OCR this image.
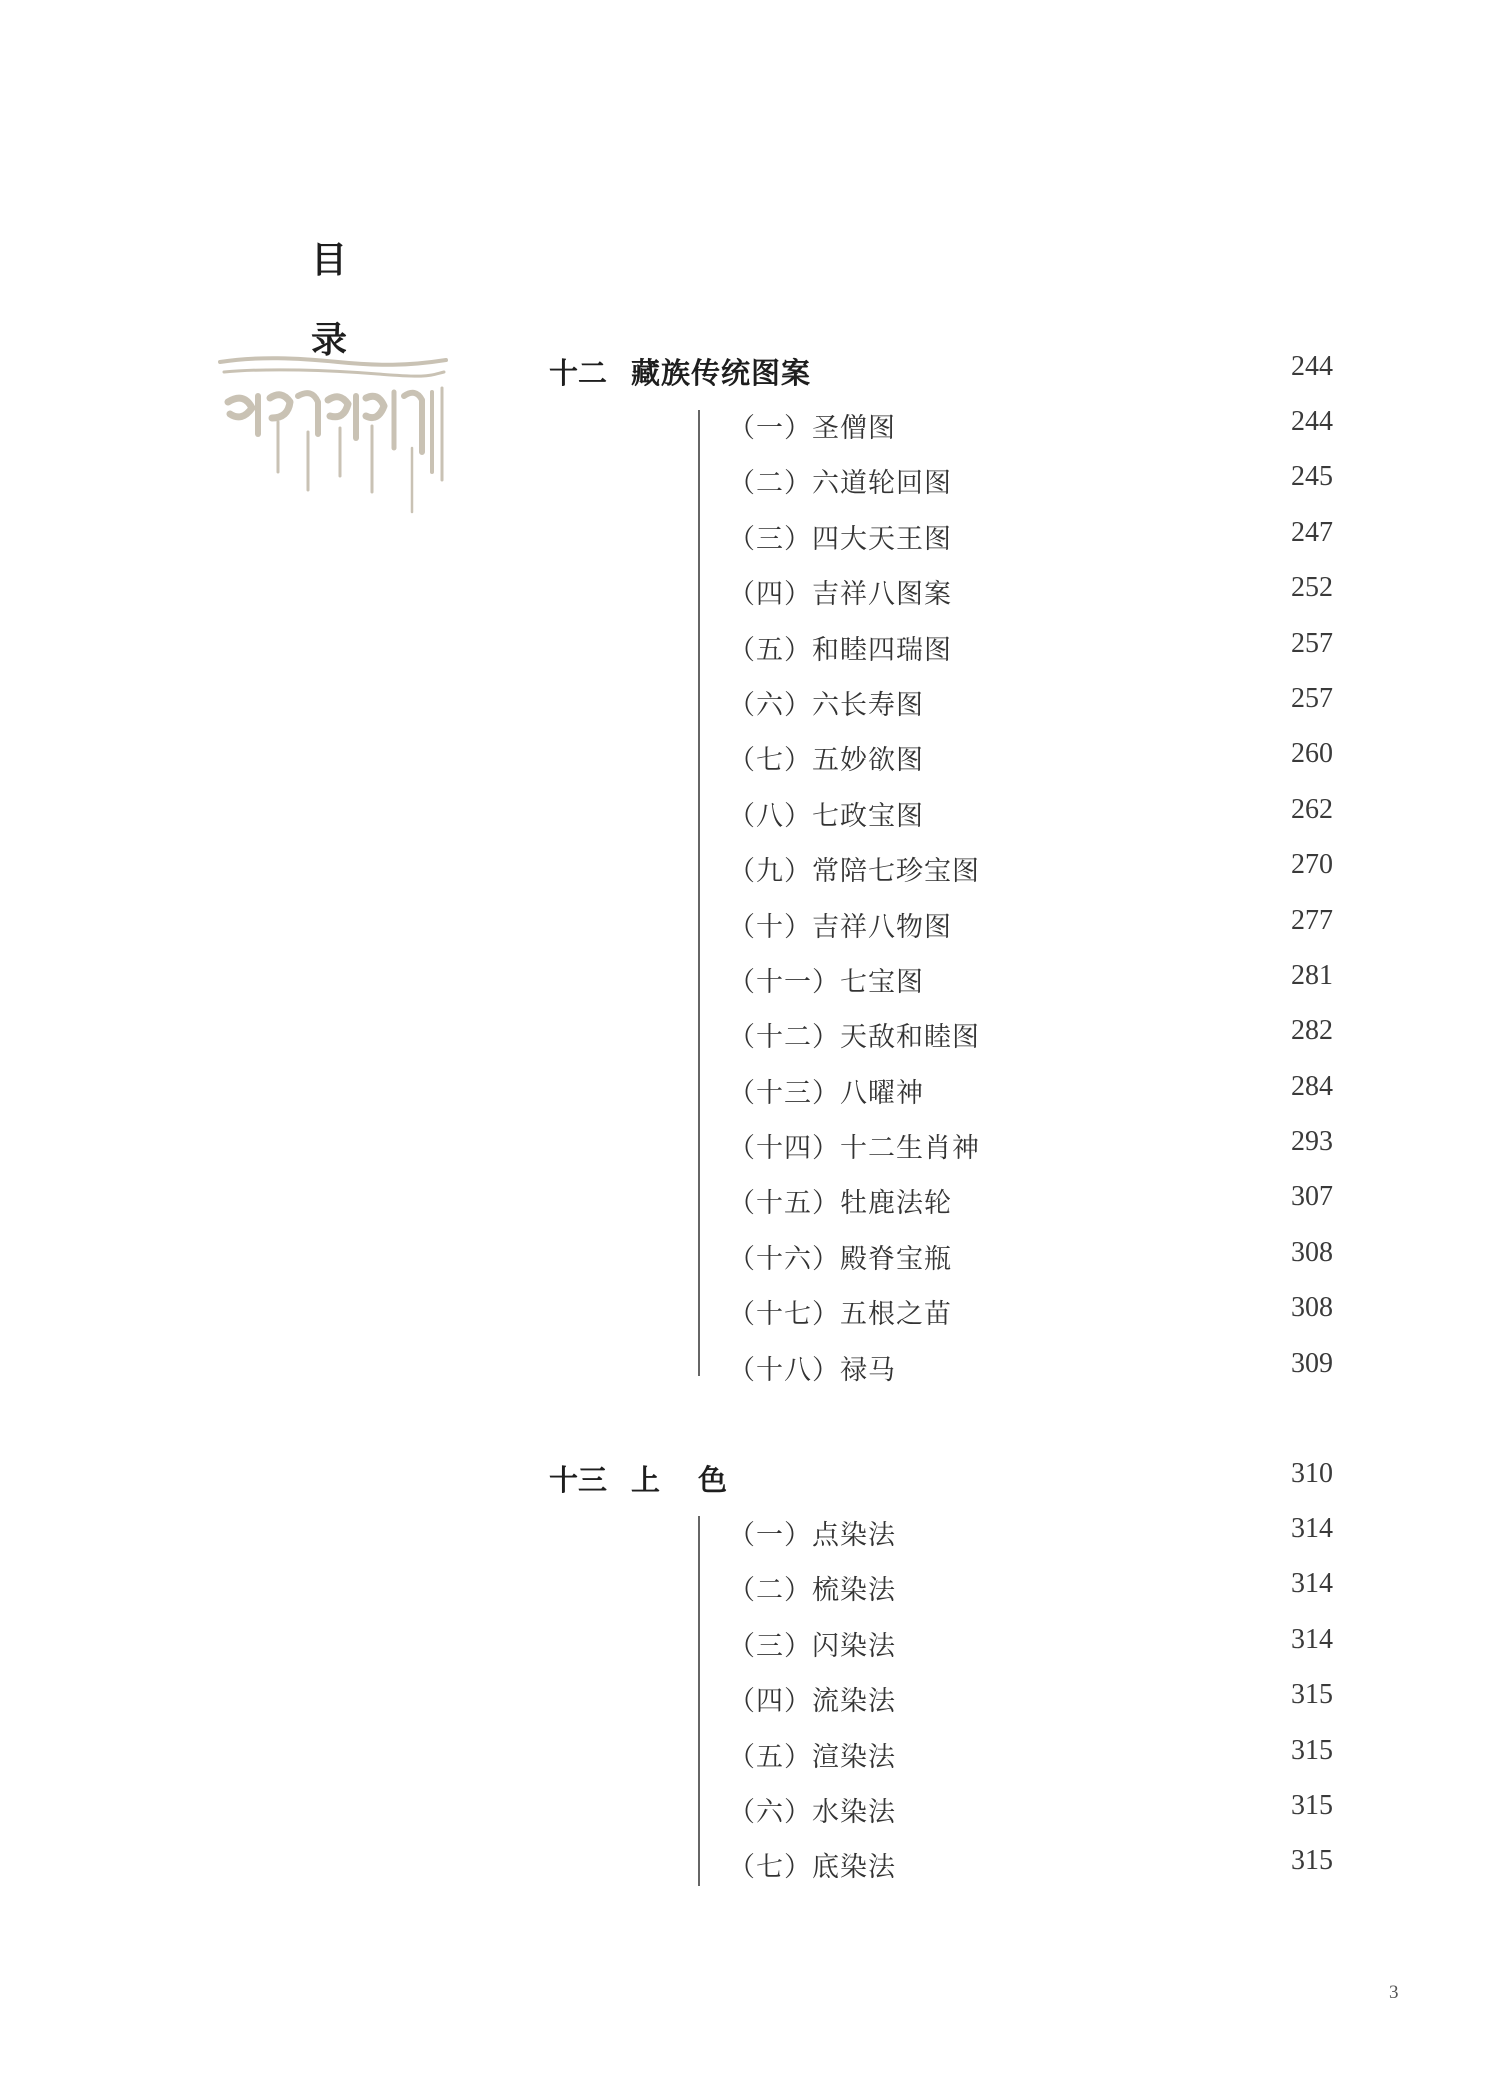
目
录
十二 藏族传统图案	244
（一）圣僧图	244
（二）六道轮回图	245
（三）四大天王图	247
（四）吉祥八图案	252
（五）和睦四瑞图	257
（六）六长寿图	257
（七）五妙欲图	260
（八）七政宝图	262
（九）常陪七珍宝图	270
（十）吉祥八物图	277
（十一）七宝图	281
（十二）天敌和睦图	282
（十三）八曜神	284
（十四）十二生肖神	293
（十五）牡鹿法轮	307
（十六）殿脊宝瓶	308
（十七）五根之苗	308
（十八）禄马	309
十三 上色	310
（一）点染法	314
（二）梳染法	314
（三）闪染法	314
（四）流染法	315
（五）渲染法	315
（六）水染法	315
（七）底染法	315
3
